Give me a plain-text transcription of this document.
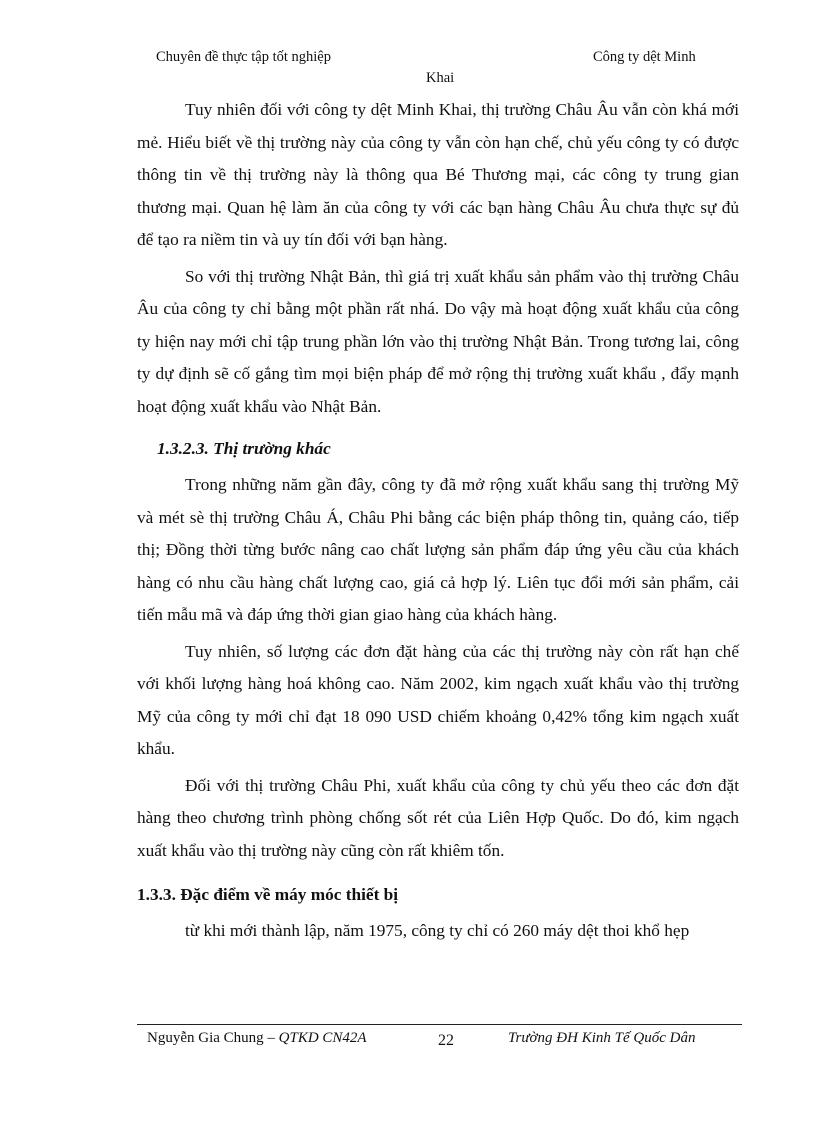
Chuyên đề thực tập tốt nghiệp	Công ty dệt Minh
Khai

Tuy nhiên đối với công ty dệt Minh Khai, thị trường Châu Âu vẫn còn khá mới mẻ. Hiểu biết về thị trường này của công ty vẫn còn hạn chế, chủ yếu công ty có được thông tin về thị trường này là thông qua Bé Thương mại, các công ty trung gian thương mại. Quan hệ làm ăn của công ty với các bạn hàng Châu Âu chưa thực sự đủ để tạo ra niềm tin và uy tín đối với bạn hàng.

So với thị trường Nhật Bản, thì giá trị xuất khẩu sản phẩm vào thị trường Châu Âu của công ty chỉ bằng một phần rất nhá. Do vậy mà hoạt động xuất khẩu của công ty hiện nay mới chỉ tập trung phần lớn vào thị trường Nhật Bản. Trong tương lai, công ty dự định sẽ cố gắng tìm mọi biện pháp để mở rộng thị trường xuất khẩu , đẩy mạnh hoạt động xuất khẩu vào Nhật Bản.

1.3.2.3. Thị trường khác

Trong những năm gần đây, công ty đã mở rộng xuất khẩu sang thị trường Mỹ và mét sè thị trường Châu Á, Châu Phi bằng các biện pháp thông tin, quảng cáo, tiếp thị; Đồng thời từng bước nâng cao chất lượng sản phẩm đáp ứng yêu cầu của khách hàng có nhu cầu hàng chất lượng cao, giá cả hợp lý. Liên tục đổi mới sản phẩm, cải tiến mẫu mã và đáp ứng thời gian giao hàng của khách hàng.

Tuy nhiên, số lượng các đơn đặt hàng của các thị trường này còn rất hạn chế với khối lượng hàng hoá không cao. Năm 2002, kim ngạch xuất khẩu vào thị trường Mỹ của công ty mới chỉ đạt 18 090 USD chiếm khoảng 0,42% tổng kim ngạch xuất khẩu.

Đối với thị trường Châu Phi, xuất khẩu của công ty chủ yếu theo các đơn đặt hàng theo chương trình phòng chống sốt rét của Liên Hợp Quốc. Do đó, kim ngạch xuất khẩu vào thị trường này cũng còn rất khiêm tốn.

1.3.3. Đặc điểm về máy móc thiết bị

từ khi mới thành lập, năm 1975, công ty chỉ có 260 máy dệt thoi khổ hẹp

Nguyễn Gia Chung – QTKD CN42A	22	Trường ĐH Kinh Tế Quốc Dân
